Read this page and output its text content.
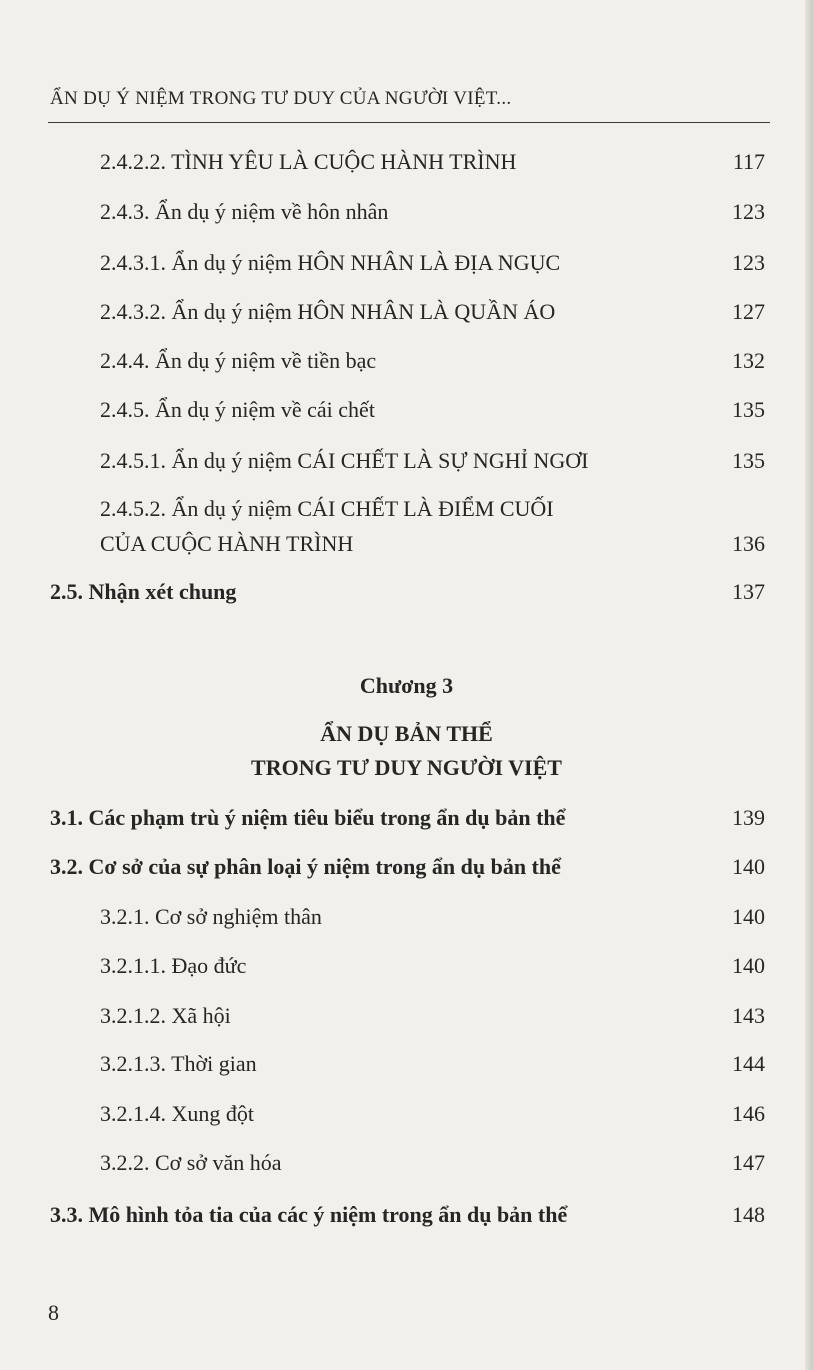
ẨN DỤ Ý NIỆM TRONG TƯ DUY CỦA NGƯỜI VIỆT...
2.4.2.2. TÌNH YÊU LÀ CUỘC HÀNH TRÌNH	117
2.4.3. Ẩn dụ ý niệm về hôn nhân	123
2.4.3.1. Ẩn dụ ý niệm HÔN NHÂN LÀ ĐỊA NGỤC	123
2.4.3.2. Ẩn dụ ý niệm HÔN NHÂN LÀ QUẦN ÁO	127
2.4.4. Ẩn dụ ý niệm về tiền bạc	132
2.4.5. Ẩn dụ ý niệm về cái chết	135
2.4.5.1. Ẩn dụ ý niệm CÁI CHẾT LÀ SỰ NGHỈ NGƠI	135
2.4.5.2. Ẩn dụ ý niệm CÁI CHẾT LÀ ĐIỂM CUỐI
CỦA CUỘC HÀNH TRÌNH	136
2.5. Nhận xét chung	137
Chương 3
ẨN DỤ BẢN THỂ
TRONG TƯ DUY NGƯỜI VIỆT
3.1. Các phạm trù ý niệm tiêu biểu trong ẩn dụ bản thể	139
3.2. Cơ sở của sự phân loại ý niệm trong ẩn dụ bản thể	140
3.2.1. Cơ sở nghiệm thân	140
3.2.1.1. Đạo đức	140
3.2.1.2. Xã hội	143
3.2.1.3. Thời gian	144
3.2.1.4. Xung đột	146
3.2.2. Cơ sở văn hóa	147
3.3. Mô hình tỏa tia của các ý niệm trong ẩn dụ bản thể	148
8
